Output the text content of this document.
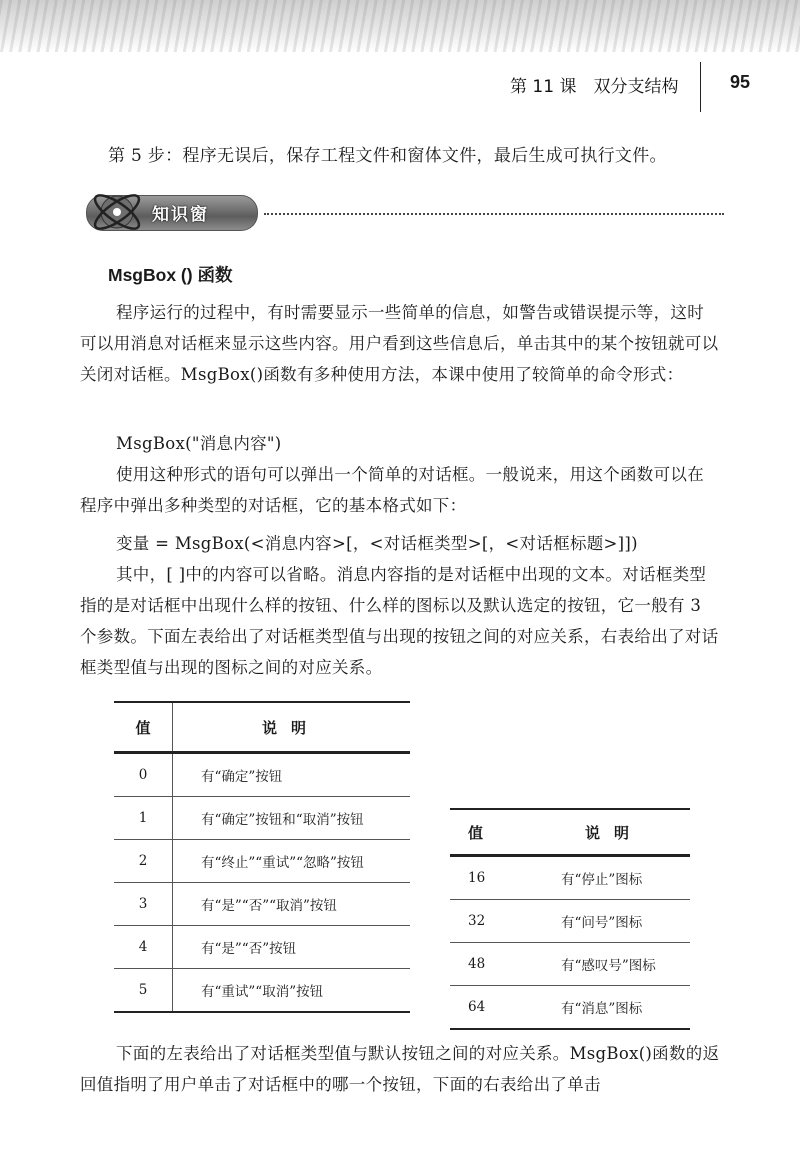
第 11 课　双分支结构	95
第 5 步：程序无误后，保存工程文件和窗体文件，最后生成可执行文件。
知识窗
MsgBox () 函数
程序运行的过程中，有时需要显示一些简单的信息，如警告或错误提示等，这时可以用消息对话框来显示这些内容。用户看到这些信息后，单击其中的某个按钮就可以关闭对话框。MsgBox()函数有多种使用方法，本课中使用了较简单的命令形式：
MsgBox("消息内容")
使用这种形式的语句可以弹出一个简单的对话框。一般说来，用这个函数可以在程序中弹出多种类型的对话框，它的基本格式如下：
变量 = MsgBox(<消息内容>[，<对话框类型>[，<对话框标题>]])
其中，[ ]中的内容可以省略。消息内容指的是对话框中出现的文本。对话框类型指的是对话框中出现什么样的按钮、什么样的图标以及默认选定的按钮，它一般有 3 个参数。下面左表给出了对话框类型值与出现的按钮之间的对应关系，右表给出了对话框类型值与出现的图标之间的对应关系。
值	说明
0	有“确定”按钮
1	有“确定”按钮和“取消”按钮
2	有“终止”“重试”“忽略”按钮
3	有“是”“否”“取消”按钮
4	有“是”“否”按钮
5	有“重试”“取消”按钮
值	说明
16	有“停止”图标
32	有“问号”图标
48	有“感叹号”图标
64	有“消息”图标
下面的左表给出了对话框类型值与默认按钮之间的对应关系。MsgBox()函数的返回值指明了用户单击了对话框中的哪一个按钮，下面的右表给出了单击
